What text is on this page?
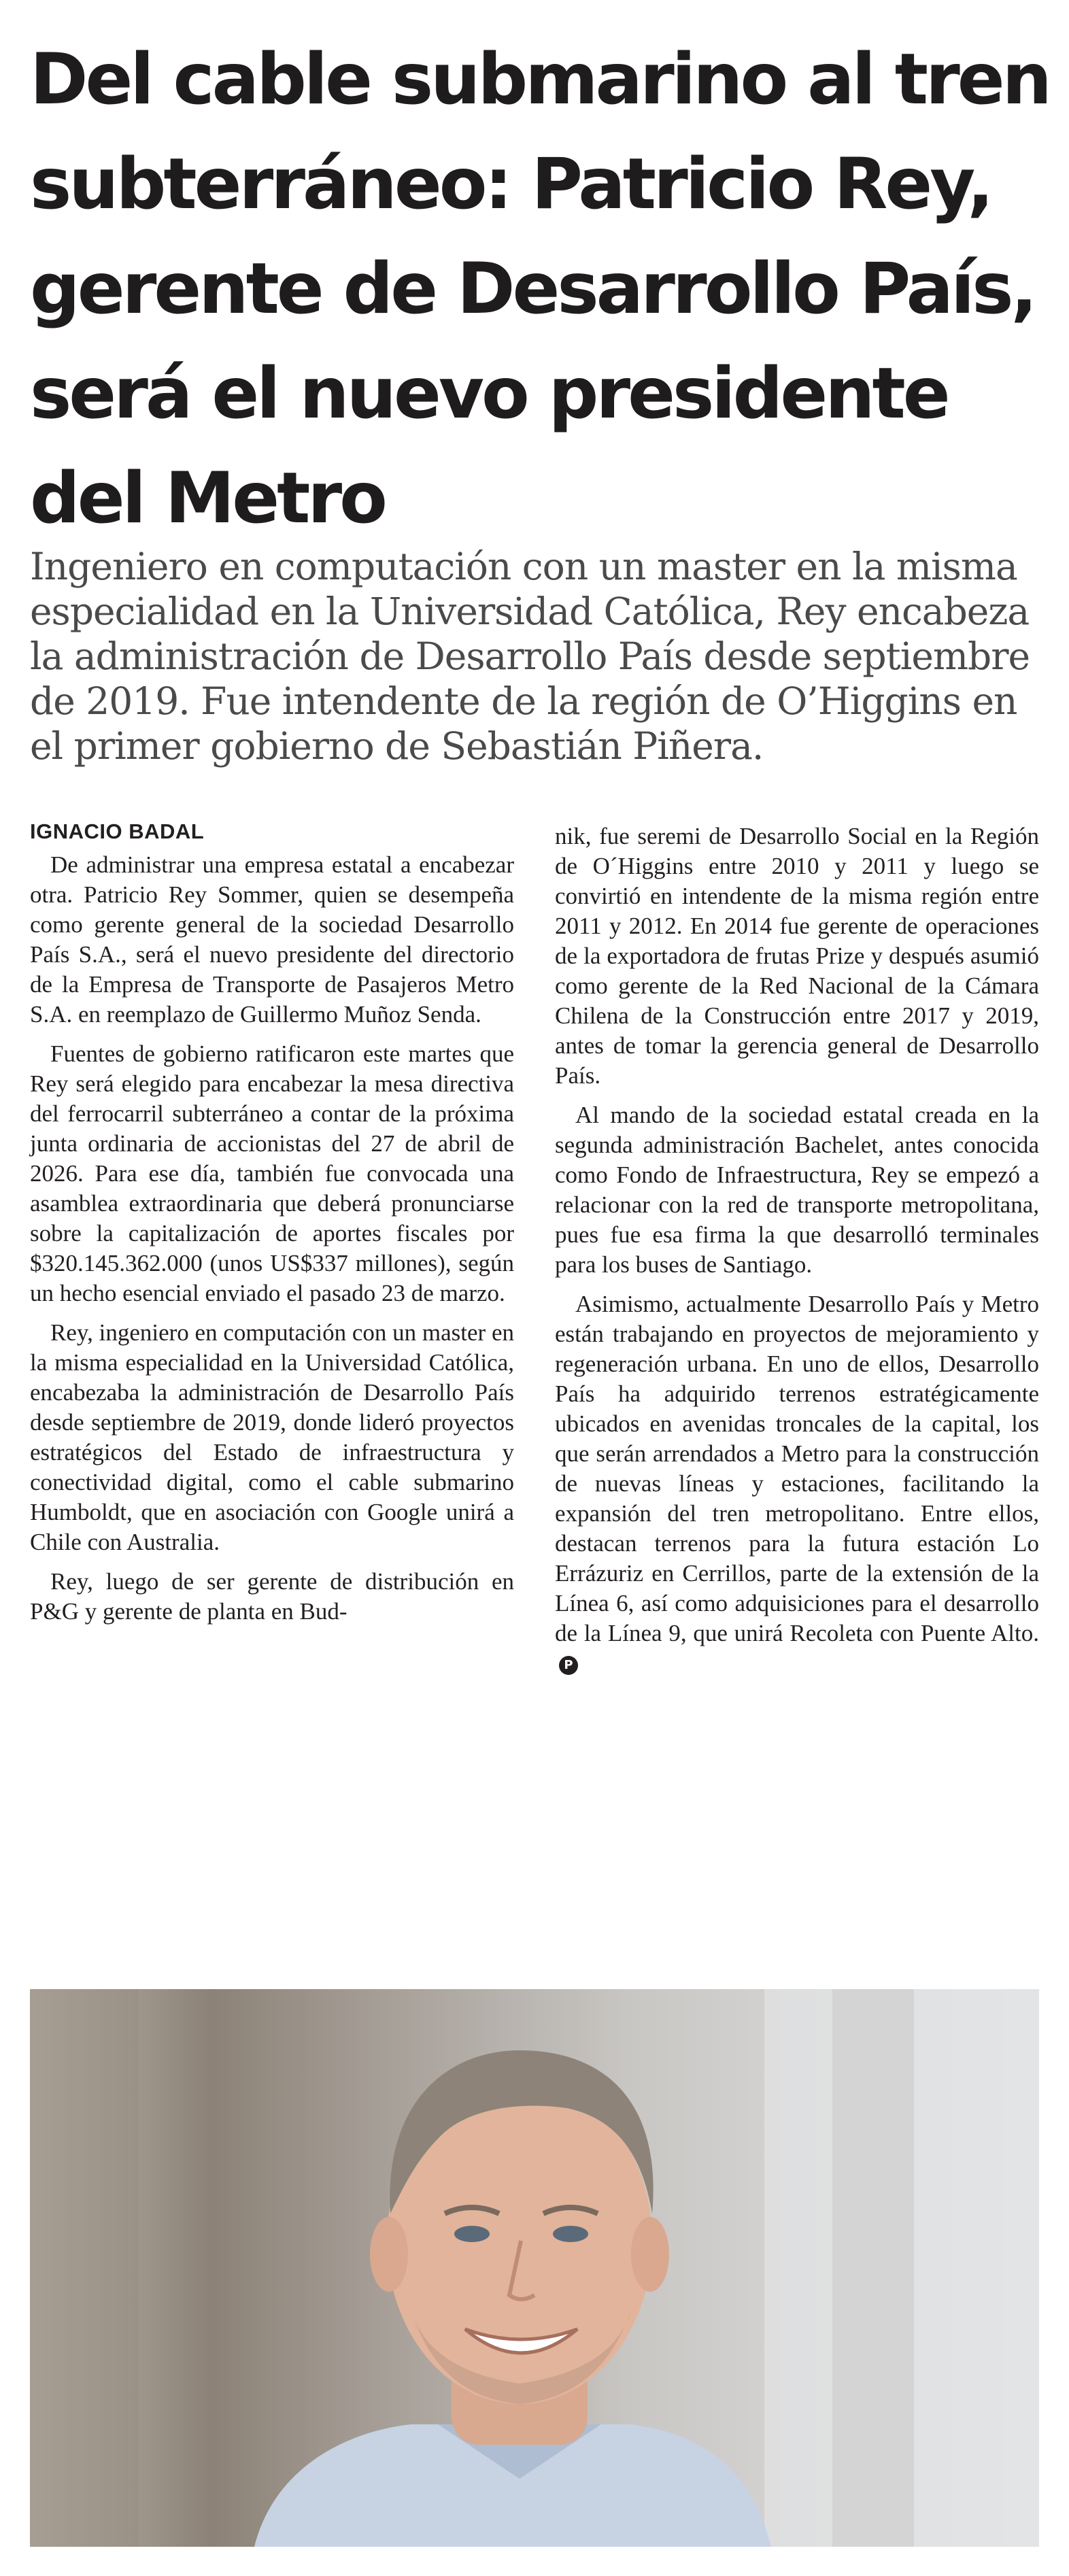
Del cable submarino al tren subterráneo: Patricio Rey, gerente de Desarrollo País, será el nuevo presidente del Metro

Ingeniero en computación con un master en la misma especialidad en la Universidad Católica, Rey encabeza la administración de Desarrollo País desde septiembre de 2019. Fue intendente de la región de O’Higgins en el primer gobierno de Sebastián Piñera.

IGNACIO BADAL

De administrar una empresa estatal a encabezar otra. Patricio Rey Sommer, quien se desempeña como gerente general de la sociedad Desarrollo País S.A., será el nuevo presidente del directorio de la Empresa de Transporte de Pasajeros Metro S.A. en reemplazo de Guillermo Muñoz Senda.

Fuentes de gobierno ratificaron este martes que Rey será elegido para encabezar la mesa directiva del ferrocarril subterráneo a contar de la próxima junta ordinaria de accionistas del 27 de abril de 2026. Para ese día, también fue convocada una asamblea extraordinaria que deberá pronunciarse sobre la capitalización de aportes fiscales por $320.145.362.000 (unos US$337 millones), según un hecho esencial enviado el pasado 23 de marzo.

Rey, ingeniero en computación con un master en la misma especialidad en la Universidad Católica, encabezaba la administración de Desarrollo País desde septiembre de 2019, donde lideró proyectos estratégicos del Estado de infraestructura y conectividad digital, como el cable submarino Humboldt, que en asociación con Google unirá a Chile con Australia.

Rey, luego de ser gerente de distribución en P&G y gerente de planta en Bud-

nik, fue seremi de Desarrollo Social en la Región de O´Higgins entre 2010 y 2011 y luego se convirtió en intendente de la misma región entre 2011 y 2012. En 2014 fue gerente de operaciones de la exportadora de frutas Prize y después asumió como gerente de la Red Nacional de la Cámara Chilena de la Construcción entre 2017 y 2019, antes de tomar la gerencia general de Desarrollo País.

Al mando de la sociedad estatal creada en la segunda administración Bachelet, antes conocida como Fondo de Infraestructura, Rey se empezó a relacionar con la red de transporte metropolitana, pues fue esa firma la que desarrolló terminales para los buses de Santiago.

Asimismo, actualmente Desarrollo País y Metro están trabajando en proyectos de mejoramiento y regeneración urbana. En uno de ellos, Desarrollo País ha adquirido terrenos estratégicamente ubicados en avenidas troncales de la capital, los que serán arrendados a Metro para la construcción de nuevas líneas y estaciones, facilitando la expansión del tren metropolitano. Entre ellos, destacan terrenos para la futura estación Lo Errázuriz en Cerrillos, parte de la extensión de la Línea 6, así como adquisiciones para el desarrollo de la Línea 9, que unirá Recoleta con Puente Alto.P
